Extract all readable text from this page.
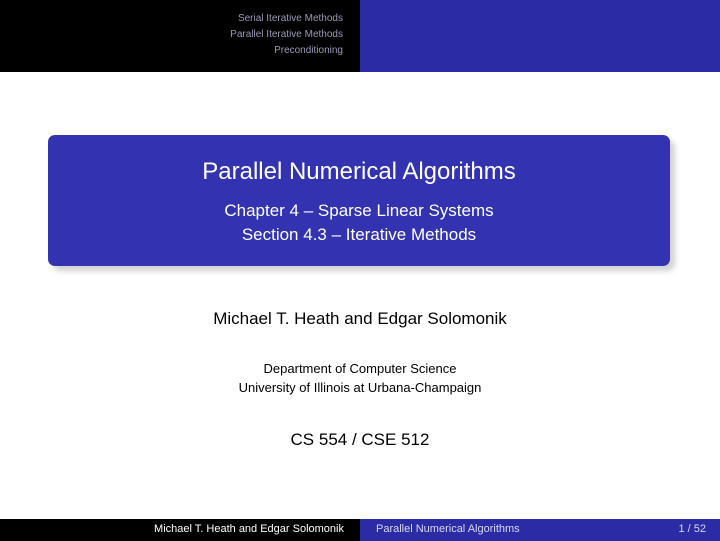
Serial Iterative Methods
Parallel Iterative Methods
Preconditioning
Parallel Numerical Algorithms
Chapter 4 – Sparse Linear Systems
Section 4.3 – Iterative Methods
Michael T. Heath and Edgar Solomonik
Department of Computer Science
University of Illinois at Urbana-Champaign
CS 554 / CSE 512
Michael T. Heath and Edgar Solomonik	Parallel Numerical Algorithms	1 / 52
